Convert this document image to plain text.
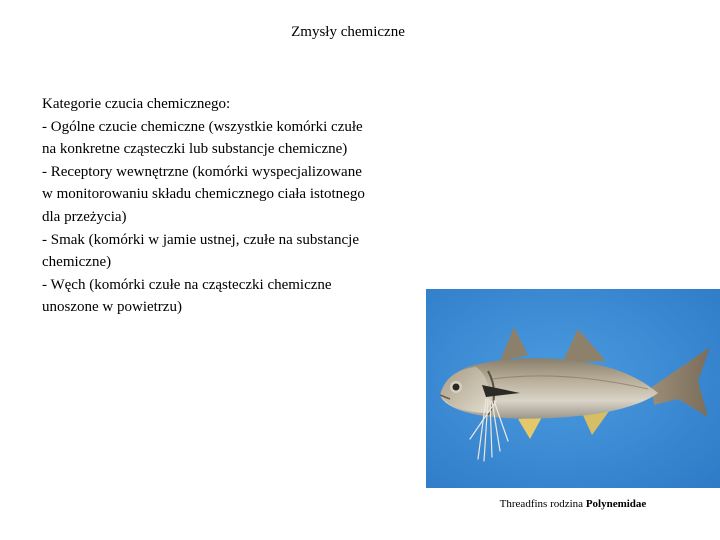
Zmysły chemiczne
Kategorie czucia chemicznego:
- Ogólne czucie chemiczne (wszystkie komórki czułe
na konkretne cząsteczki lub substancje chemiczne)
- Receptory wewnętrzne (komórki wyspecjalizowane
w monitorowaniu składu chemicznego ciała istotnego
dla przeżycia)
- Smak (komórki w jamie ustnej, czułe na substancje
chemiczne)
- Węch (komórki czułe na cząsteczki chemiczne
unoszone w powietrzu)
Threadfins rodzina Polynemidae
